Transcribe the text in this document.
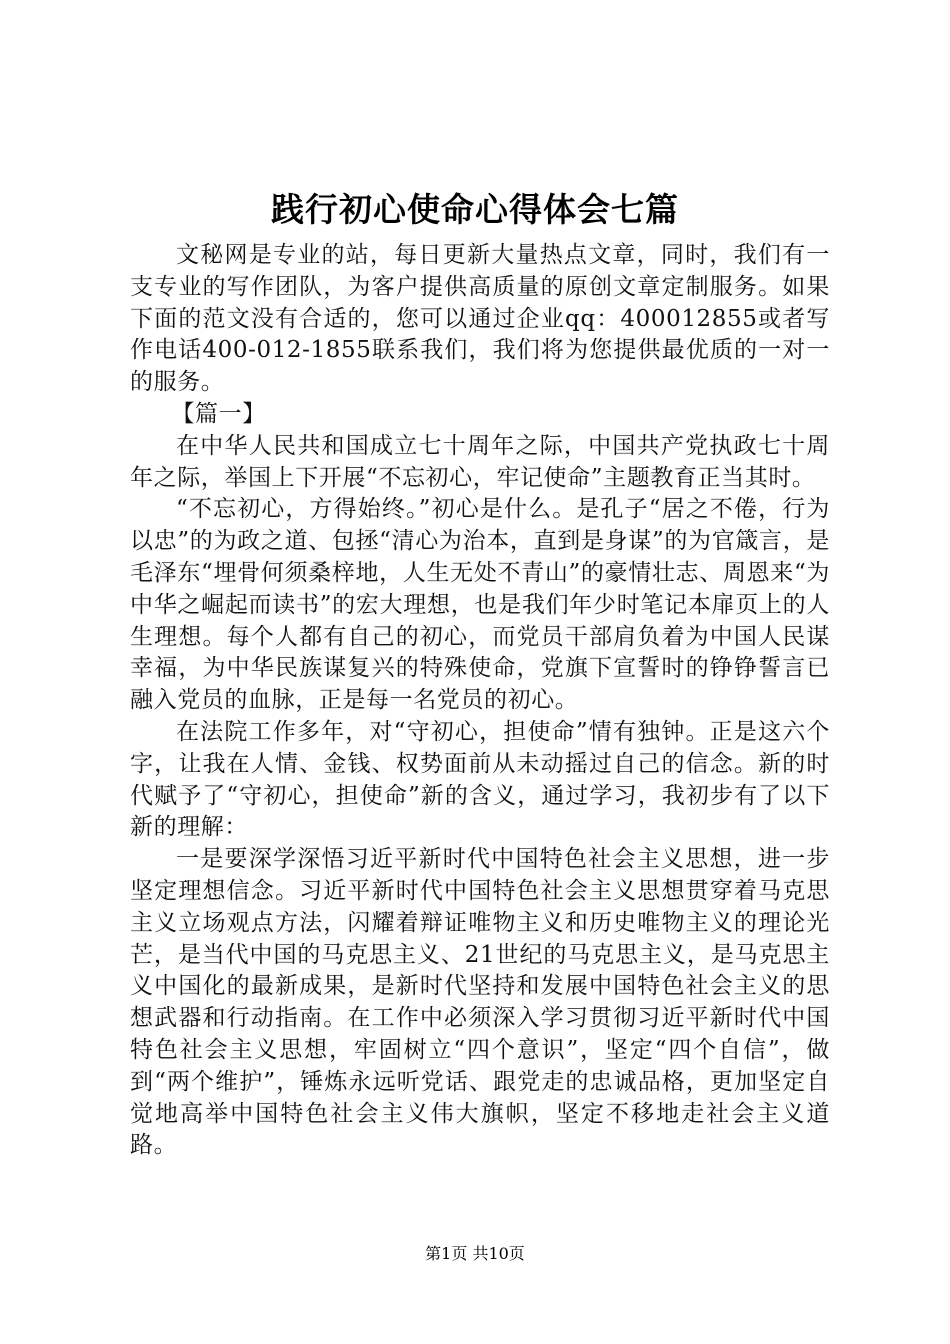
践行初心使命心得体会七篇

文秘网是专业的站，每日更新大量热点文章，同时，我们有一支专业的写作团队，为客户提供高质量的原创文章定制服务。如果下面的范文没有合适的，您可以通过企业qq：400012855或者写作电话400-012-1855联系我们，我们将为您提供最优质的一对一的服务。

【篇一】

在中华人民共和国成立七十周年之际，中国共产党执政七十周年之际，举国上下开展“不忘初心，牢记使命”主题教育正当其时。

“不忘初心，方得始终。”初心是什么。是孔子“居之不倦，行为以忠”的为政之道、包拯“清心为治本，直到是身谋”的为官箴言，是毛泽东“埋骨何须桑梓地，人生无处不青山”的豪情壮志、周恩来“为中华之崛起而读书”的宏大理想，也是我们年少时笔记本扉页上的人生理想。每个人都有自己的初心，而党员干部肩负着为中国人民谋幸福，为中华民族谋复兴的特殊使命，党旗下宣誓时的铮铮誓言已融入党员的血脉，正是每一名党员的初心。

在法院工作多年，对“守初心，担使命”情有独钟。正是这六个字，让我在人情、金钱、权势面前从未动摇过自己的信念。新的时代赋予了“守初心，担使命”新的含义，通过学习，我初步有了以下新的理解：

一是要深学深悟习近平新时代中国特色社会主义思想，进一步坚定理想信念。习近平新时代中国特色社会主义思想贯穿着马克思主义立场观点方法，闪耀着辩证唯物主义和历史唯物主义的理论光芒，是当代中国的马克思主义、21世纪的马克思主义，是马克思主义中国化的最新成果，是新时代坚持和发展中国特色社会主义的思想武器和行动指南。在工作中必须深入学习贯彻习近平新时代中国特色社会主义思想，牢固树立“四个意识”，坚定“四个自信”，做到“两个维护”，锤炼永远听党话、跟党走的忠诚品格，更加坚定自觉地高举中国特色社会主义伟大旗帜，坚定不移地走社会主义道路。

第1页 共10页
